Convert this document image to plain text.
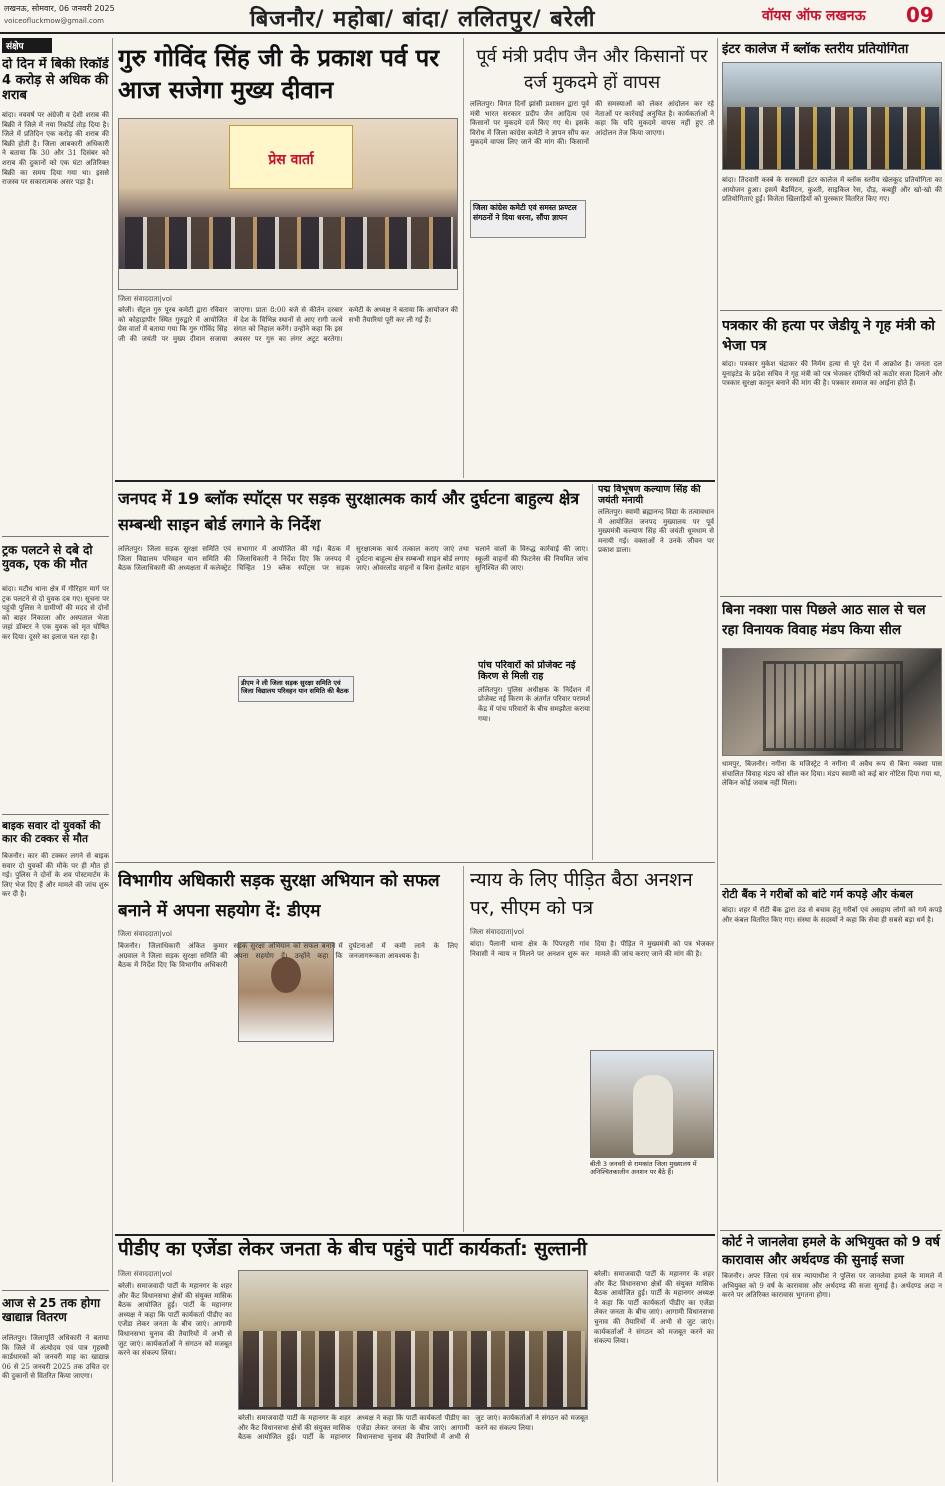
लखनऊ, सोमवार, 06 जनवरी 2025
voiceofluckmow@gmail.com	बिजनौर/ महोबा/ बांदा/ ललितपुर/ बरेली	वॉयस ऑफ लखनऊ 09
संक्षेप
दो दिन में बिकी रिकॉर्ड 4 करोड़ से अधिक की शराब
बांदा। नववर्ष पर अंग्रेजी व देशी शराब की बिक्री ने जिले में नया रिकॉर्ड तोड़ दिया है। जिले में प्रतिदिन एक करोड़ की शराब की बिक्री होती है। जिला आबकारी अधिकारी ने बताया कि 30 और 31 दिसंबर को शराब की दुकानों को एक घंटा अतिरिक्त बिक्री का समय दिया गया था। इससे राजस्व पर सकारात्मक असर पड़ा है।
ट्रक पलटने से दबे दो युवक, एक की मौत
बांदा। मटौंध थाना क्षेत्र में गौरिहार मार्ग पर ट्रक पलटने से दो युवक दब गए। सूचना पर पहुंची पुलिस ने ग्रामीणों की मदद से दोनों को बाहर निकाला और अस्पताल भेजा जहां डॉक्टर ने एक युवक को मृत घोषित कर दिया। दूसरे का इलाज चल रहा है।
बाइक सवार दो युवकों की कार की टक्कर से मौत
बिजनौर। कार की टक्कर लगने से बाइक सवार दो युवकों की मौके पर ही मौत हो गई। पुलिस ने दोनों के शव पोस्टमार्टम के लिए भेज दिए हैं और मामले की जांच शुरू कर दी है।
आज से 25 तक होगा खाद्यान्न वितरण
ललितपुर। जिलापूर्ति अधिकारी ने बताया कि जिले में अंत्योदय एवं पात्र गृहस्थी कार्डधारकों को जनवरी माह का खाद्यान्न 06 से 25 जनवरी 2025 तक उचित दर की दुकानों से वितरित किया जाएगा।
गुरु गोविंद सिंह जी के प्रकाश पर्व पर आज सजेगा मुख्य दीवान
प्रेस वार्ता
जिला संवाददाता|vol
बरेली। सेंट्रल गुरु पूरब कमेटी द्वारा रविवार को कोहाड़ापीर स्थित गुरुद्वारे में आयोजित प्रेस वार्ता में बताया गया कि गुरु गोविंद सिंह जी की जयंती पर मुख्य दीवान सजाया जाएगा। प्रातः 8:00 बजे से कीर्तन दरबार में देश के विभिन्न स्थानों से आए रागी जत्थे संगत को निहाल करेंगे। उन्होंने कहा कि इस अवसर पर गुरु का लंगर अटूट बरतेगा। कमेटी के अध्यक्ष ने बताया कि आयोजन की सभी तैयारियां पूरी कर ली गई हैं।
पूर्व मंत्री प्रदीप जैन और किसानों पर दर्ज मुकदमे हों वापस
ललितपुर। विगत दिनों झांसी प्रशासन द्वारा पूर्व मंत्री भारत सरकार प्रदीप जैन आदित्य एवं किसानों पर मुकदमे दर्ज किए गए थे। इसके विरोध में जिला कांग्रेस कमेटी ने ज्ञापन सौंप कर मुकदमे वापस लिए जाने की मांग की। किसानों की समस्याओं को लेकर आंदोलन कर रहे नेताओं पर कार्रवाई अनुचित है। कार्यकर्ताओं ने कहा कि यदि मुकदमे वापस नहीं हुए तो आंदोलन तेज किया जाएगा।
जिला कांग्रेस कमेटी एवं समस्त फ्रण्टल संगठनों ने दिया धरना, सौंपा ज्ञापन
इंटर कालेज में ब्लॉक स्तरीय प्रतियोगिता
बांदा। तिंदवारी कस्बे के सरस्वती इंटर कालेज में ब्लॉक स्तरीय खेलकूद प्रतियोगिता का आयोजन हुआ। इसमें बैडमिंटन, कुश्ती, साइकिल रेस, दौड़, कबड्डी और खो-खो की प्रतियोगिताएं हुईं। विजेता खिलाड़ियों को पुरस्कार वितरित किए गए।
पत्रकार की हत्या पर जेडीयू ने गृह मंत्री को भेजा पत्र
बांदा। पत्रकार मुकेश चंद्राकर की निर्मम हत्या से पूरे देश में आक्रोश है। जनता दल यूनाइटेड के प्रदेश सचिव ने गृह मंत्री को पत्र भेजकर दोषियों को कठोर सजा दिलाने और पत्रकार सुरक्षा कानून बनाने की मांग की है। पत्रकार समाज का आईना होते हैं।
बिना नक्शा पास पिछले आठ साल से चल रहा विनायक विवाह मंडप किया सील
धामपुर, बिजनौर। नगीना के मजिस्ट्रेट ने नगीना में अवैध रूप से बिना नक्शा पास संचालित विवाह मंडप को सील कर दिया। मंडप स्वामी को कई बार नोटिस दिया गया था, लेकिन कोई जवाब नहीं मिला।
रोटी बैंक ने गरीबों को बांटे गर्म कपड़े और कंबल
बांदा। शहर में रोटी बैंक द्वारा ठंड से बचाव हेतु गरीबों एवं असहाय लोगों को गर्म कपड़े और कंबल वितरित किए गए। संस्था के सदस्यों ने कहा कि सेवा ही सबसे बड़ा धर्म है।
कोर्ट ने जानलेवा हमले के अभियुक्त को 9 वर्ष कारावास और अर्थदण्ड की सुनाई सजा
बिजनौर। अपर जिला एवं सत्र न्यायाधीश ने पुलिस पर जानलेवा हमले के मामले में अभियुक्त को 9 वर्ष के कारावास और अर्थदण्ड की सजा सुनाई है। अर्थदण्ड अदा न करने पर अतिरिक्त कारावास भुगतना होगा।
जनपद में 19 ब्लॉक स्पॉट्स पर सड़क सुरक्षात्मक कार्य और दुर्घटना बाहुल्य क्षेत्र सम्बन्धी साइन बोर्ड लगाने के निर्देश
ललितपुर। जिला सड़क सुरक्षा समिति एवं जिला विद्यालय परिवहन यान समिति की बैठक जिलाधिकारी की अध्यक्षता में कलेक्ट्रेट सभागार में आयोजित की गई। बैठक में जिलाधिकारी ने निर्देश दिए कि जनपद में चिन्हित 19 ब्लैक स्पॉट्स पर सड़क सुरक्षात्मक कार्य तत्काल कराए जाएं तथा दुर्घटना बाहुल्य क्षेत्र सम्बन्धी साइन बोर्ड लगाए जाएं। ओवरलोड वाहनों व बिना हेलमेट वाहन चलाने वालों के विरुद्ध कार्रवाई की जाए। स्कूली वाहनों की फिटनेस की नियमित जांच सुनिश्चित की जाए।
डीएम ने ली जिला सड़क सुरक्षा समिति एवं जिला विद्यालय परिवहन यान समिति की बैठक
पद्म विभूषण कल्याण सिंह की जयंती मनायी
ललितपुर। स्वामी ब्रह्मानन्द विद्या के तत्वावधान में आयोजित जनपद मुख्यालय पर पूर्व मुख्यमंत्री कल्याण सिंह की जयंती धूमधाम से मनायी गई। वक्ताओं ने उनके जीवन पर प्रकाश डाला।
पांच परिवारों को प्रोजेक्ट नई किरण से मिली राह
ललितपुर। पुलिस अधीक्षक के निर्देशन में प्रोजेक्ट नई किरण के अंतर्गत परिवार परामर्श केंद्र में पांच परिवारों के बीच समझौता कराया गया।
विभागीय अधिकारी सड़क सुरक्षा अभियान को सफल बनाने में अपना सहयोग दें: डीएम
जिला संवाददाता|vol
बिजनौर। जिलाधिकारी अंकित कुमार अग्रवाल ने जिला सड़क सुरक्षा समिति की बैठक में निर्देश दिए कि विभागीय अधिकारी सड़क सुरक्षा अभियान को सफल बनाने में अपना सहयोग दें। उन्होंने कहा कि दुर्घटनाओं में कमी लाने के लिए जनजागरूकता आवश्यक है।
न्याय के लिए पीड़ित बैठा अनशन पर, सीएम को पत्र
जिला संवाददाता|vol
बांदा। पैलानी थाना क्षेत्र के पिपरहरी गांव निवासी ने न्याय न मिलने पर अनशन शुरू कर दिया है। पीड़ित ने मुख्यमंत्री को पत्र भेजकर मामले की जांच कराए जाने की मांग की है।
बीती 3 जनवरी से रामकांत जिला मुख्यालय में अनिश्चितकालीन अनशन पर बैठे हैं।
पीडीए का एजेंडा लेकर जनता के बीच पहुंचे पार्टी कार्यकर्ता: सुल्तानी
जिला संवाददाता|vol
बरेली। समाजवादी पार्टी के महानगर के शहर और कैंट विधानसभा क्षेत्रों की संयुक्त मासिक बैठक आयोजित हुई। पार्टी के महानगर अध्यक्ष ने कहा कि पार्टी कार्यकर्ता पीडीए का एजेंडा लेकर जनता के बीच जाएं। आगामी विधानसभा चुनाव की तैयारियों में अभी से जुट जाएं। कार्यकर्ताओं ने संगठन को मजबूत करने का संकल्प लिया।
बरेली। समाजवादी पार्टी के महानगर के शहर और कैंट विधानसभा क्षेत्रों की संयुक्त मासिक बैठक आयोजित हुई। पार्टी के महानगर अध्यक्ष ने कहा कि पार्टी कार्यकर्ता पीडीए का एजेंडा लेकर जनता के बीच जाएं। आगामी विधानसभा चुनाव की तैयारियों में अभी से जुट जाएं। कार्यकर्ताओं ने संगठन को मजबूत करने का संकल्प लिया।
बरेली। समाजवादी पार्टी के महानगर के शहर और कैंट विधानसभा क्षेत्रों की संयुक्त मासिक बैठक आयोजित हुई। पार्टी के महानगर अध्यक्ष ने कहा कि पार्टी कार्यकर्ता पीडीए का एजेंडा लेकर जनता के बीच जाएं। आगामी विधानसभा चुनाव की तैयारियों में अभी से जुट जाएं। कार्यकर्ताओं ने संगठन को मजबूत करने का संकल्प लिया।
